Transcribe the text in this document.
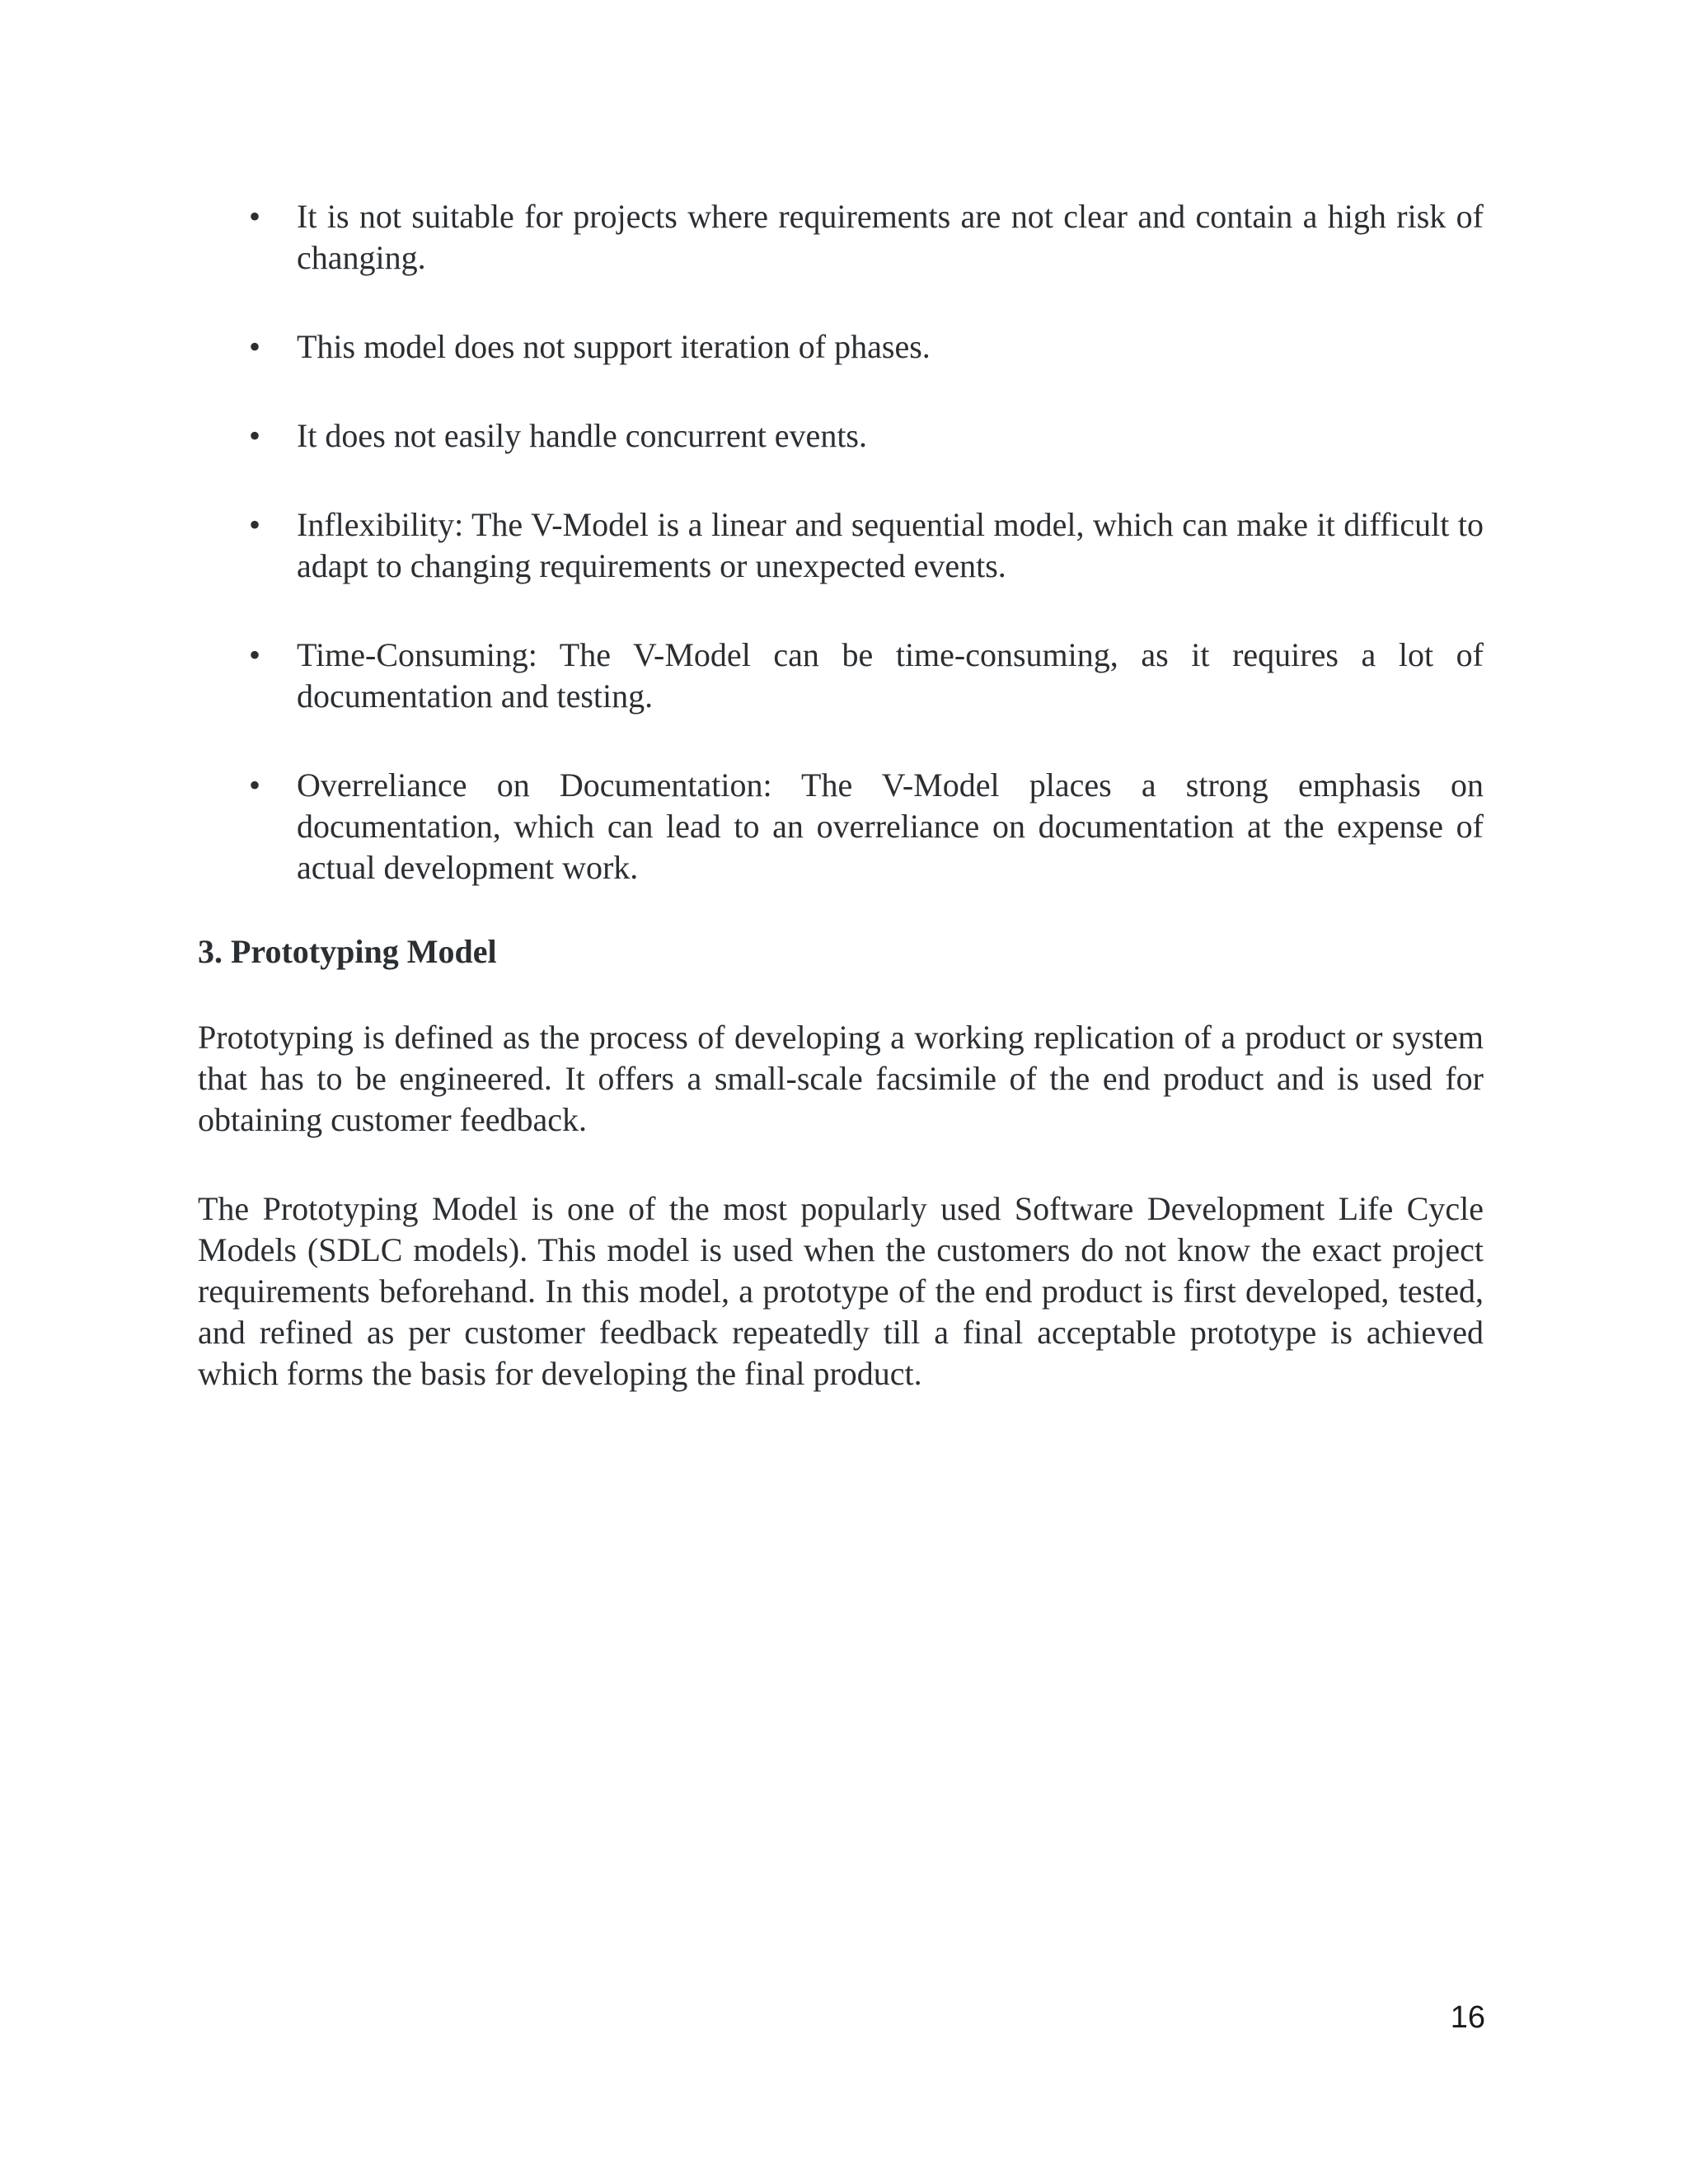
• It is not suitable for projects where requirements are not clear and contain a high risk of changing.
• This model does not support iteration of phases.
• It does not easily handle concurrent events.
• Inflexibility: The V-Model is a linear and sequential model, which can make it difficult to adapt to changing requirements or unexpected events.
• Time-Consuming: The V-Model can be time-consuming, as it requires a lot of documentation and testing.
• Overreliance on Documentation: The V-Model places a strong emphasis on documentation, which can lead to an overreliance on documentation at the expense of actual development work.
3. Prototyping Model

Prototyping is defined as the process of developing a working replication of a product or system that has to be engineered. It offers a small-scale facsimile of the end product and is used for obtaining customer feedback.

The Prototyping Model is one of the most popularly used Software Development Life Cycle Models (SDLC models). This model is used when the customers do not know the exact project requirements beforehand. In this model, a prototype of the end product is first developed, tested, and refined as per customer feedback repeatedly till a final acceptable prototype is achieved which forms the basis for developing the final product.

16
